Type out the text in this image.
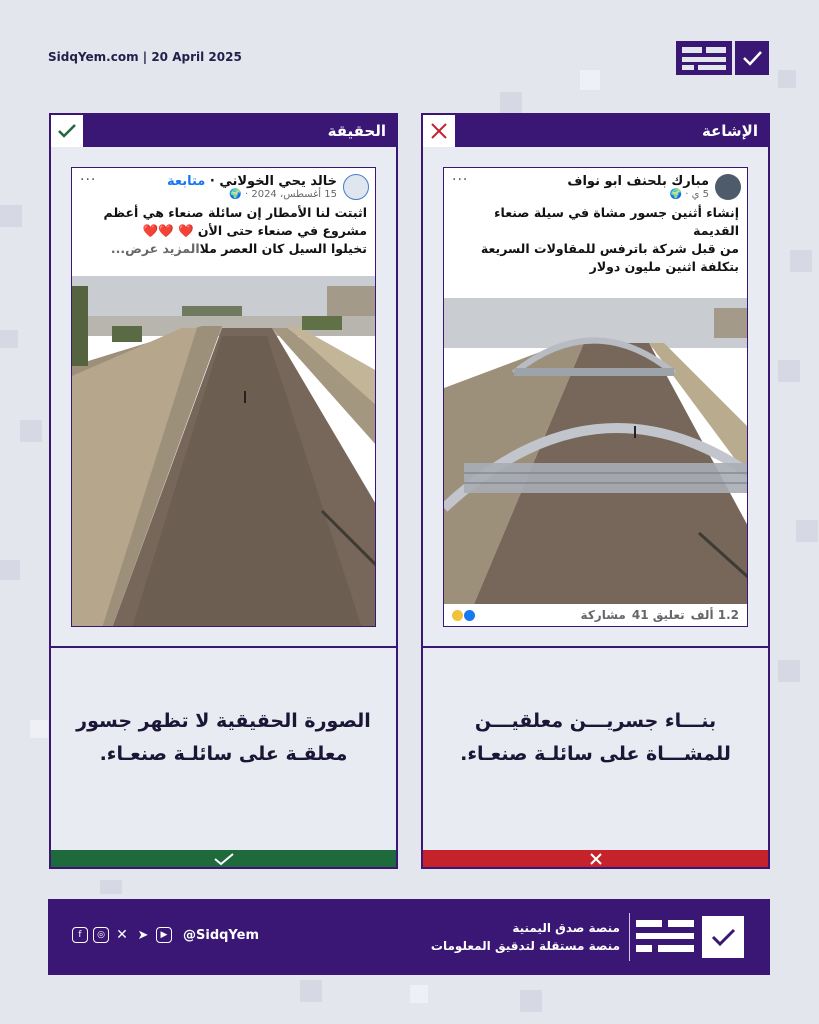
SidqYem.com | 20 April 2025
الحقيقة
خالد يحي الخولاني · متابعة
15 أغسطس، 2024 · 🌍
···
اثبتت لنا الأمطار إن سائلة صنعاء هي أعظم
مشروع في صنعاء حتى الأن ❤️ ❤️❤️
تخيلوا السيل كان العصر ملاالمزيد عرض...
الصورة الحقيقية لا تظهر جسور معلقـة على سائلـة صنعـاء.
الإشاعة
مبارك بلحنف ابو نواف
5 ي · 🌍
···
إنشاء أثنين جسور مشاة في سيلة صنعاء
القديمة
من قبل شركة باترفس للمقاولات السريعة
بتكلفة اثنين مليون دولار
1.2 ألف
تعليق 41
مشاركة
بنـــاء جسريـــن معلقيـــن للمشـــاة على سائلـة صنعـاء.
f	◎ ✕ ➤	▶	@SidqYem	منصة صدق اليمنية
منصة مستقلة لتدقيق المعلومات
